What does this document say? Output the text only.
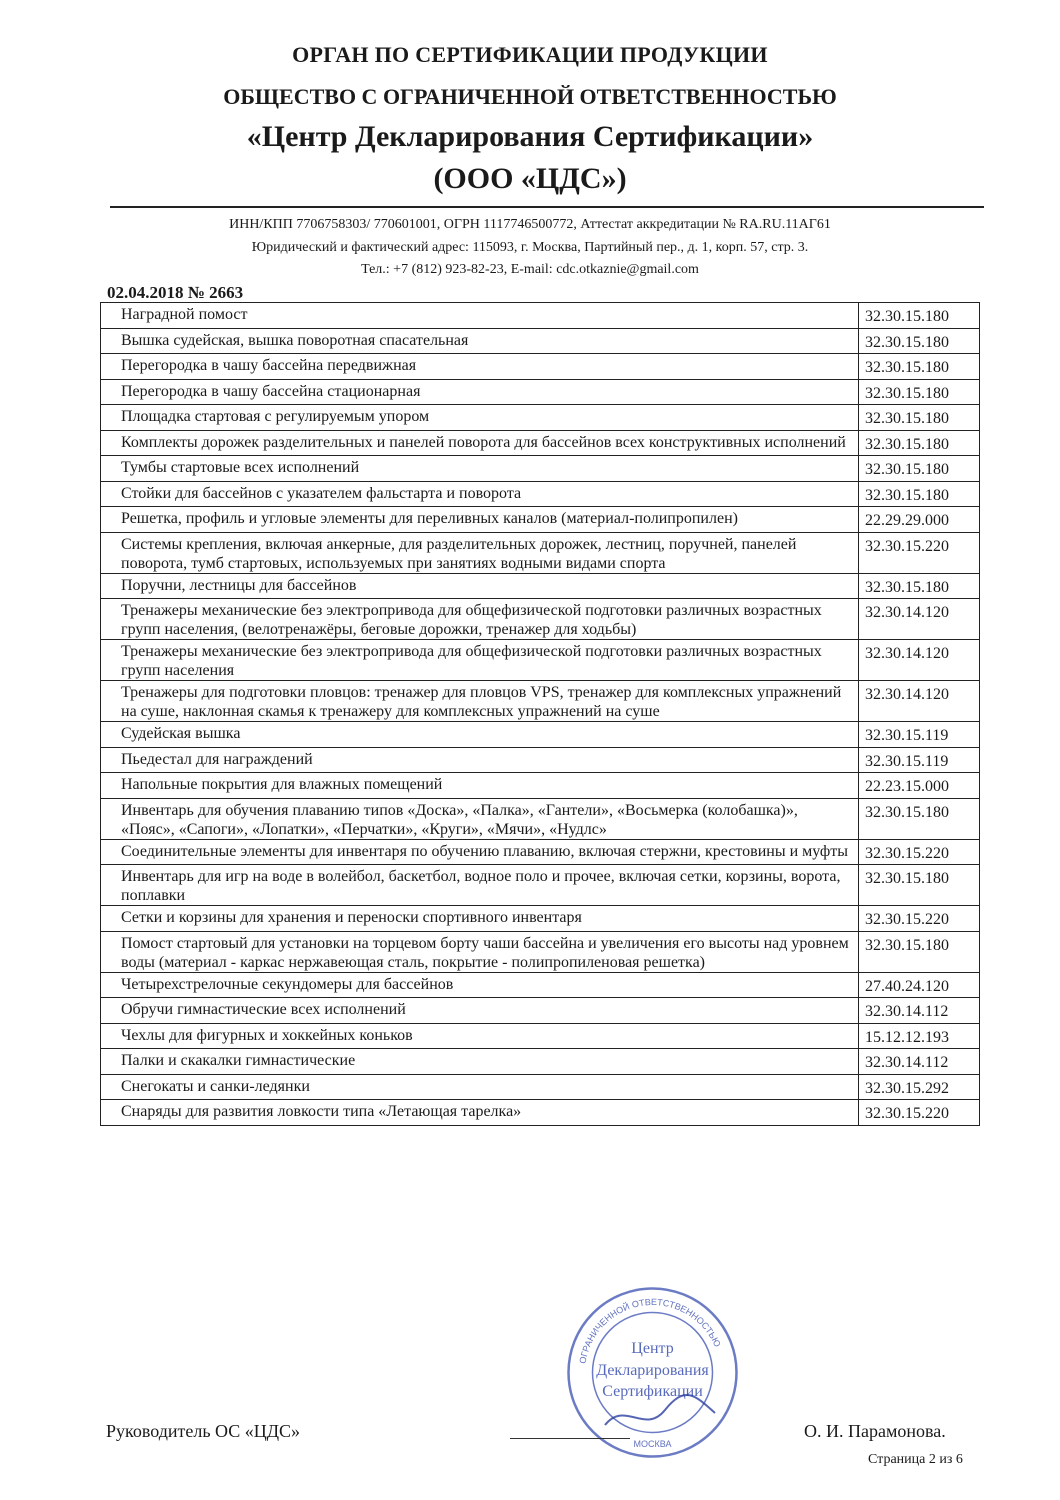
ОРГАН ПО СЕРТИФИКАЦИИ ПРОДУКЦИИ
ОБЩЕСТВО С ОГРАНИЧЕННОЙ ОТВЕТСТВЕННОСТЬЮ
«Центр Декларирования Сертификации»
(ООО «ЦДС»)
ИНН/КПП 7706758303/ 770601001, ОГРН 1117746500772, Аттестат аккредитации № RA.RU.11АГ61
Юридический и фактический адрес: 115093, г. Москва, Партийный пер., д. 1, корп. 57, стр. 3.
Тел.: +7 (812) 923-82-23, E-mail: cdc.otkaznie@gmail.com
02.04.2018 № 2663
Наградной помост	32.30.15.180
Вышка судейская, вышка поворотная спасательная	32.30.15.180
Перегородка в чашу бассейна передвижная	32.30.15.180
Перегородка в чашу бассейна стационарная	32.30.15.180
Площадка стартовая с регулируемым упором	32.30.15.180
Комплекты дорожек разделительных и панелей поворота для бассейнов всех конструктивных исполнений	32.30.15.180
Тумбы стартовые всех исполнений	32.30.15.180
Стойки для бассейнов с указателем фальстарта и поворота	32.30.15.180
Решетка, профиль и угловые элементы для переливных каналов (материал-полипропилен)	22.29.29.000
Системы крепления, включая анкерные, для разделительных дорожек, лестниц, поручней, панелей поворота, тумб стартовых, используемых при занятиях водными видами спорта	32.30.15.220
Поручни, лестницы для бассейнов	32.30.15.180
Тренажеры механические без электропривода для общефизической подготовки различных возрастных групп населения, (велотренажёры, беговые дорожки, тренажер для ходьбы)	32.30.14.120
Тренажеры механические без электропривода для общефизической подготовки различных возрастных групп населения	32.30.14.120
Тренажеры для подготовки пловцов: тренажер для пловцов VPS, тренажер для комплексных упражнений на суше, наклонная скамья к тренажеру для комплексных упражнений на суше	32.30.14.120
Судейская вышка	32.30.15.119
Пьедестал для награждений	32.30.15.119
Напольные покрытия для влажных помещений	22.23.15.000
Инвентарь для обучения плаванию типов «Доска», «Палка», «Гантели», «Восьмерка (колобашка)», «Пояс», «Сапоги», «Лопатки», «Перчатки», «Круги», «Мячи», «Нудлс»	32.30.15.180
Соединительные элементы для инвентаря по обучению плаванию, включая стержни, крестовины и муфты	32.30.15.220
Инвентарь для игр на воде в волейбол, баскетбол, водное поло и прочее, включая сетки, корзины, ворота, поплавки	32.30.15.180
Сетки и корзины для хранения и переноски спортивного инвентаря	32.30.15.220
Помост стартовый для установки на торцевом борту чаши бассейна и увеличения его высоты над уровнем воды (материал - каркас нержавеющая сталь, покрытие - полипропиленовая решетка)	32.30.15.180
Четырехстрелочные секундомеры для бассейнов	27.40.24.120
Обручи гимнастические всех исполнений	32.30.14.112
Чехлы для фигурных и хоккейных коньков	15.12.12.193
Палки и скакалки гимнастические	32.30.14.112
Снегокаты и санки-ледянки	32.30.15.292
Снаряды для развития ловкости типа «Летающая тарелка»	32.30.15.220
ОГРАНИЧЕННОЙ ОТВЕТСТВЕННОСТЬЮ
Центр
Декларирования
Сертификации
МОСКВА
Руководитель ОС «ЦДС»	О. И. Парамонова.
Страница 2 из 6
